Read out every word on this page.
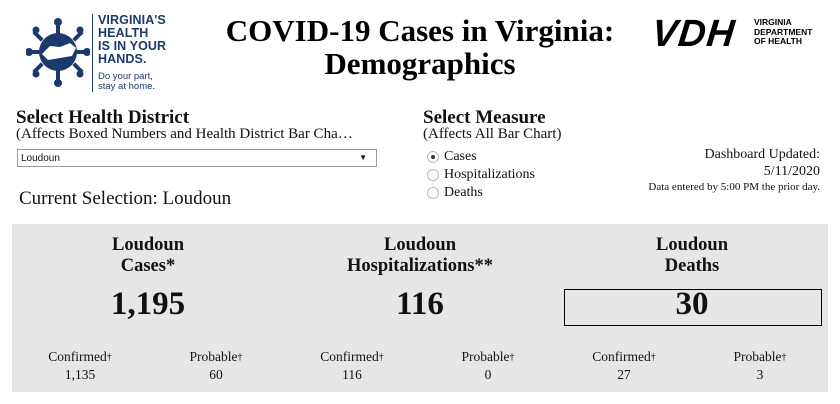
VIRGINIA'S
HEALTH
IS IN YOUR
HANDS.
Do your part,
stay at home.
COVID-19 Cases in Virginia:
Demographics
VDH VIRGINIA
DEPARTMENT
OF HEALTH
Select Health District
(Affects Boxed Numbers and Health District Bar Cha…
Loudoun	▼
Current Selection: Loudoun
Select Measure
(Affects All Bar Chart)
Cases
Hospitalizations
Deaths
Dashboard Updated:
5/11/2020
Data entered by 5:00 PM the prior day.
Loudoun
Cases*
1,195
Confirmed†
1,135
Probable†
60
Loudoun
Hospitalizations**
116
Confirmed†
116
Probable†
0
Loudoun
Deaths
30
Confirmed†
27
Probable†
3
